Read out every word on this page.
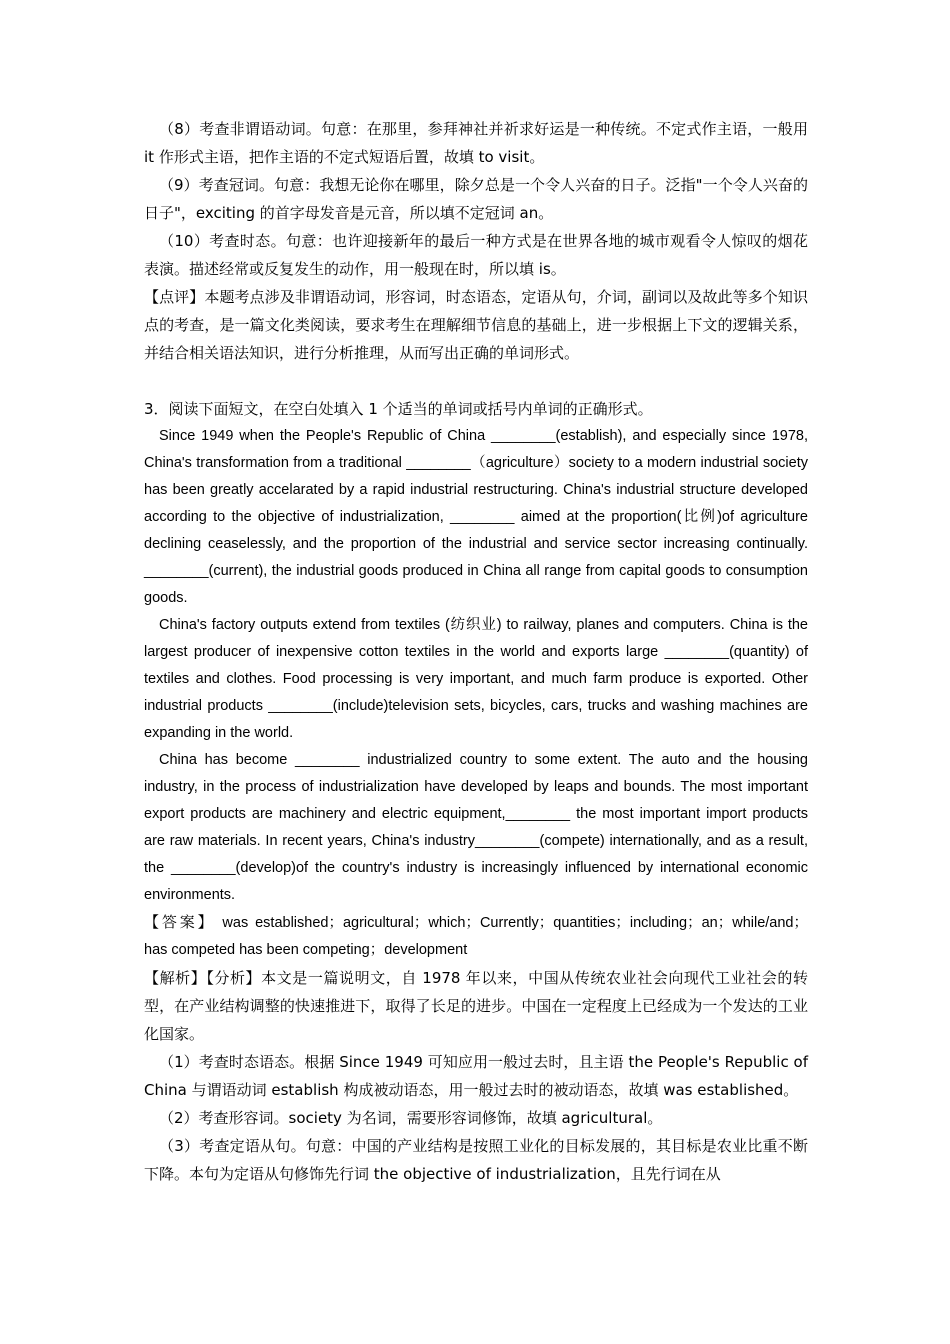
（8）考查非谓语动词。句意：在那里，参拜神社并祈求好运是一种传统。不定式作主语，一般用 it 作形式主语，把作主语的不定式短语后置，故填 to visit。

（9）考查冠词。句意：我想无论你在哪里，除夕总是一个令人兴奋的日子。泛指"一个令人兴奋的日子"，exciting 的首字母发音是元音，所以填不定冠词 an。

（10）考查时态。句意：也许迎接新年的最后一种方式是在世界各地的城市观看令人惊叹的烟花表演。描述经常或反复发生的动作，用一般现在时，所以填 is。

【点评】本题考点涉及非谓语动词，形容词，时态语态，定语从句，介词，副词以及故此等多个知识点的考查，是一篇文化类阅读，要求考生在理解细节信息的基础上，进一步根据上下文的逻辑关系，并结合相关语法知识，进行分析推理，从而写出正确的单词形式。

3．阅读下面短文，在空白处填入 1 个适当的单词或括号内单词的正确形式。

Since 1949 when the People's Republic of China ________(establish), and especially since 1978, China's transformation from a traditional ________（agriculture）society to a modern industrial society has been greatly accelarated by a rapid industrial restructuring. China's industrial structure developed according to the objective of industrialization, ________ aimed at the proportion(比例)of agriculture declining ceaselessly, and the proportion of the industrial and service sector increasing continually. ________(current), the industrial goods produced in China all range from capital goods to consumption goods.

China's factory outputs extend from textiles (纺织业) to railway, planes and computers. China is the largest producer of inexpensive cotton textiles in the world and exports large ________(quantity) of textiles and clothes. Food processing is very important, and much farm produce is exported. Other industrial products ________(include)television sets, bicycles, cars, trucks and washing machines are expanding in the world.

China has become ________ industrialized country to some extent. The auto and the housing industry, in the process of industrialization have developed by leaps and bounds. The most important export products are machinery and electric equipment,________ the most important import products are raw materials. In recent years, China's industry________(compete) internationally, and as a result, the ________(develop)of the country's industry is increasingly influenced by international economic environments.

【答案】 was established；agricultural；which；Currently；quantities；including；an；while/and；has competed has been competing；development

【解析】【分析】本文是一篇说明文，自 1978 年以来，中国从传统农业社会向现代工业社会的转型，在产业结构调整的快速推进下，取得了长足的进步。中国在一定程度上已经成为一个发达的工业化国家。

（1）考查时态语态。根据 Since 1949 可知应用一般过去时，且主语 the People's Republic of China 与谓语动词 establish 构成被动语态，用一般过去时的被动语态，故填 was established。

（2）考查形容词。society 为名词，需要形容词修饰，故填 agricultural。

（3）考查定语从句。句意：中国的产业结构是按照工业化的目标发展的，其目标是农业比重不断下降。本句为定语从句修饰先行词 the objective of industrialization，且先行词在从
